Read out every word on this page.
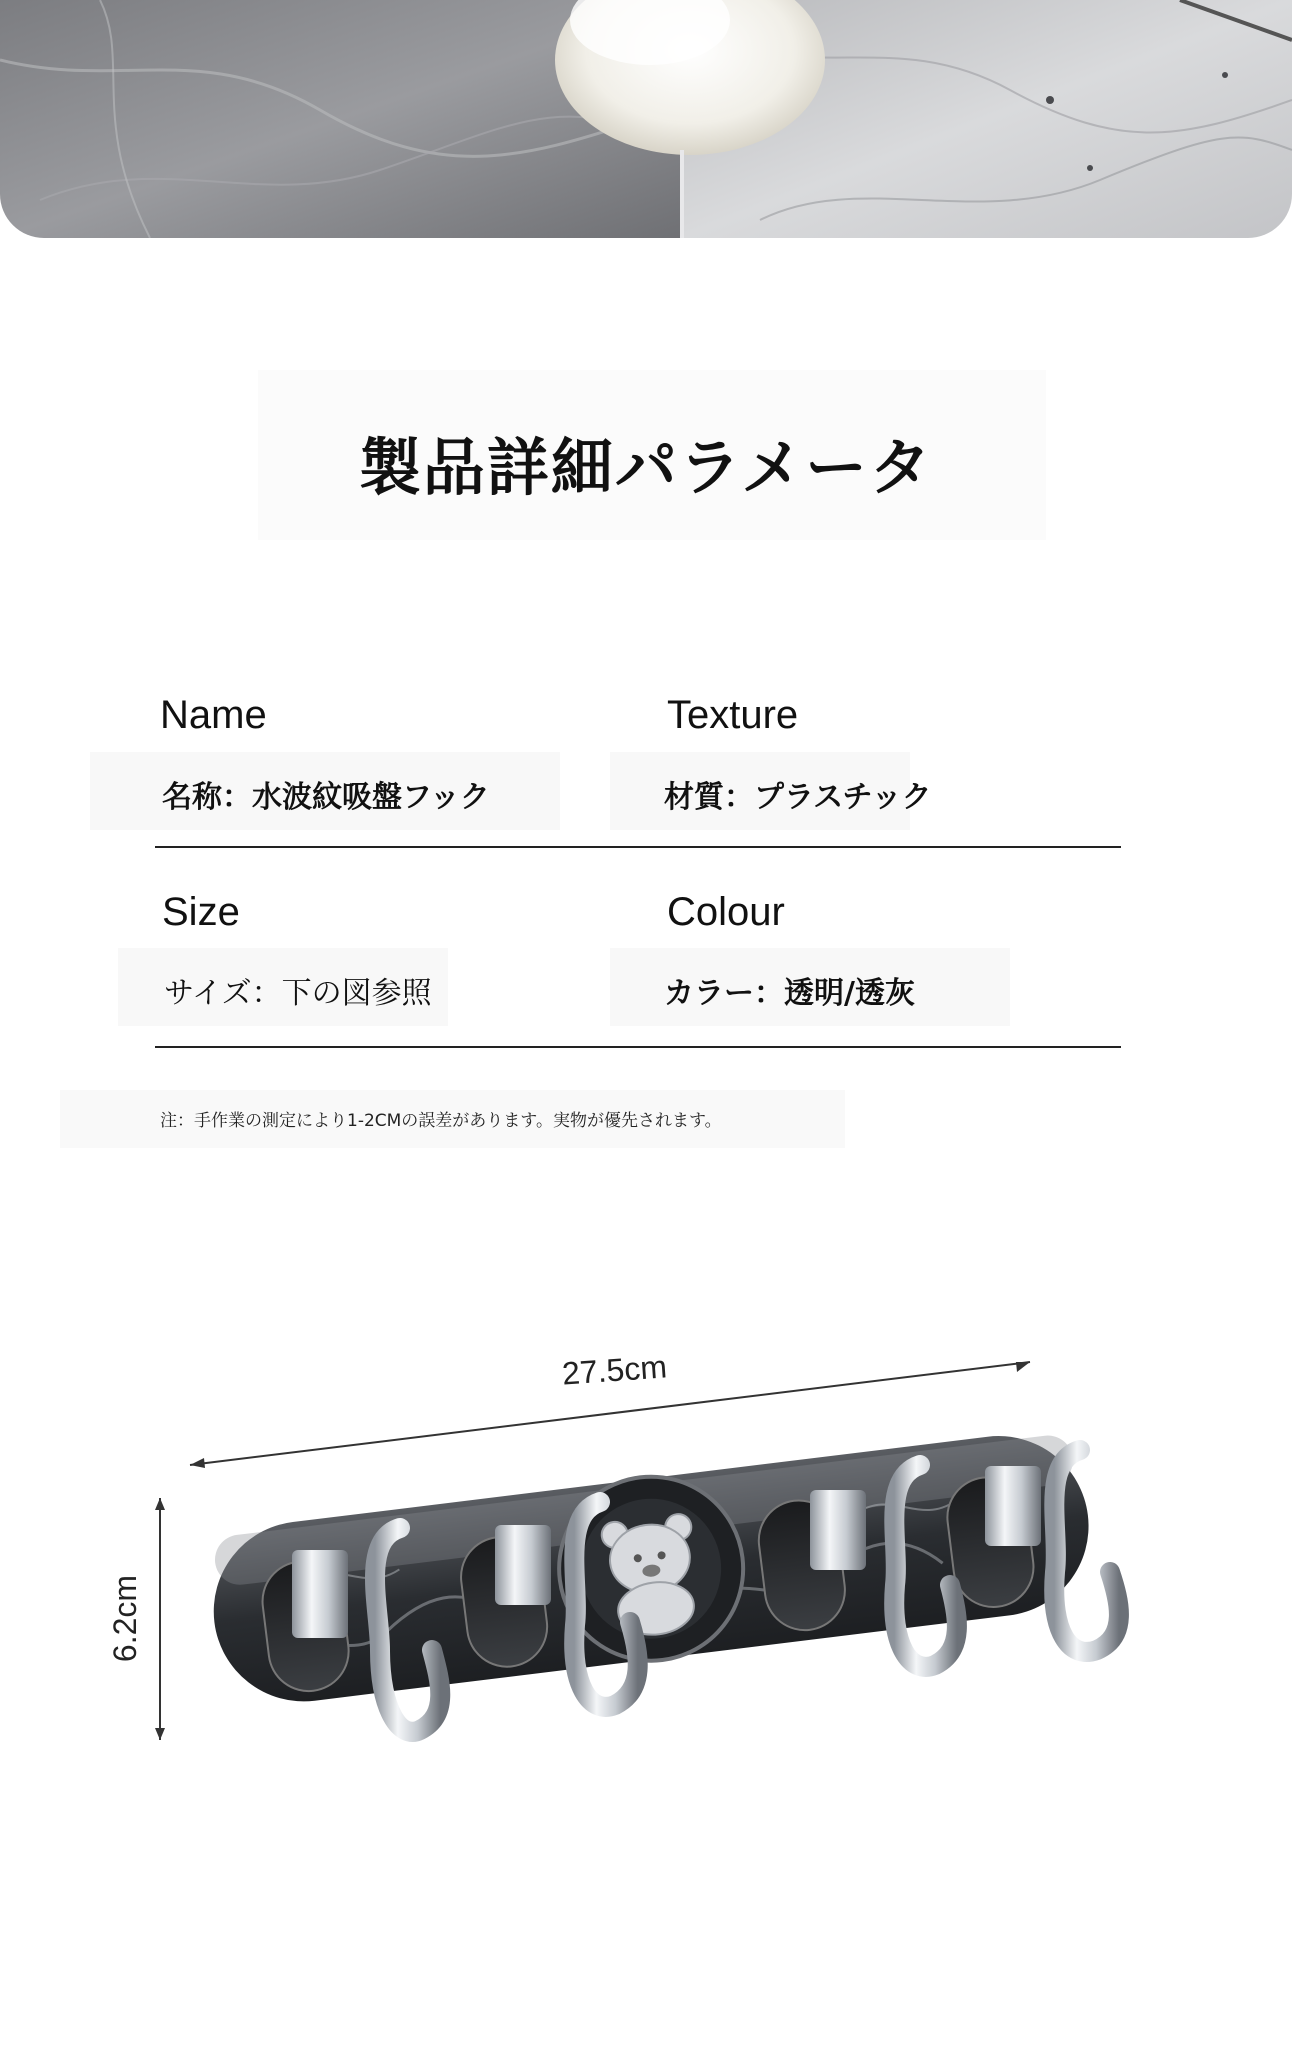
製品詳細パラメータ
Name
名称：水波紋吸盤フック
Texture
材質：プラスチック
Size
サイズ：下の図参照
Colour
カラー：透明/透灰
注：手作業の測定により1-2CMの誤差があります。実物が優先されます。
27.5cm
6.2cm
